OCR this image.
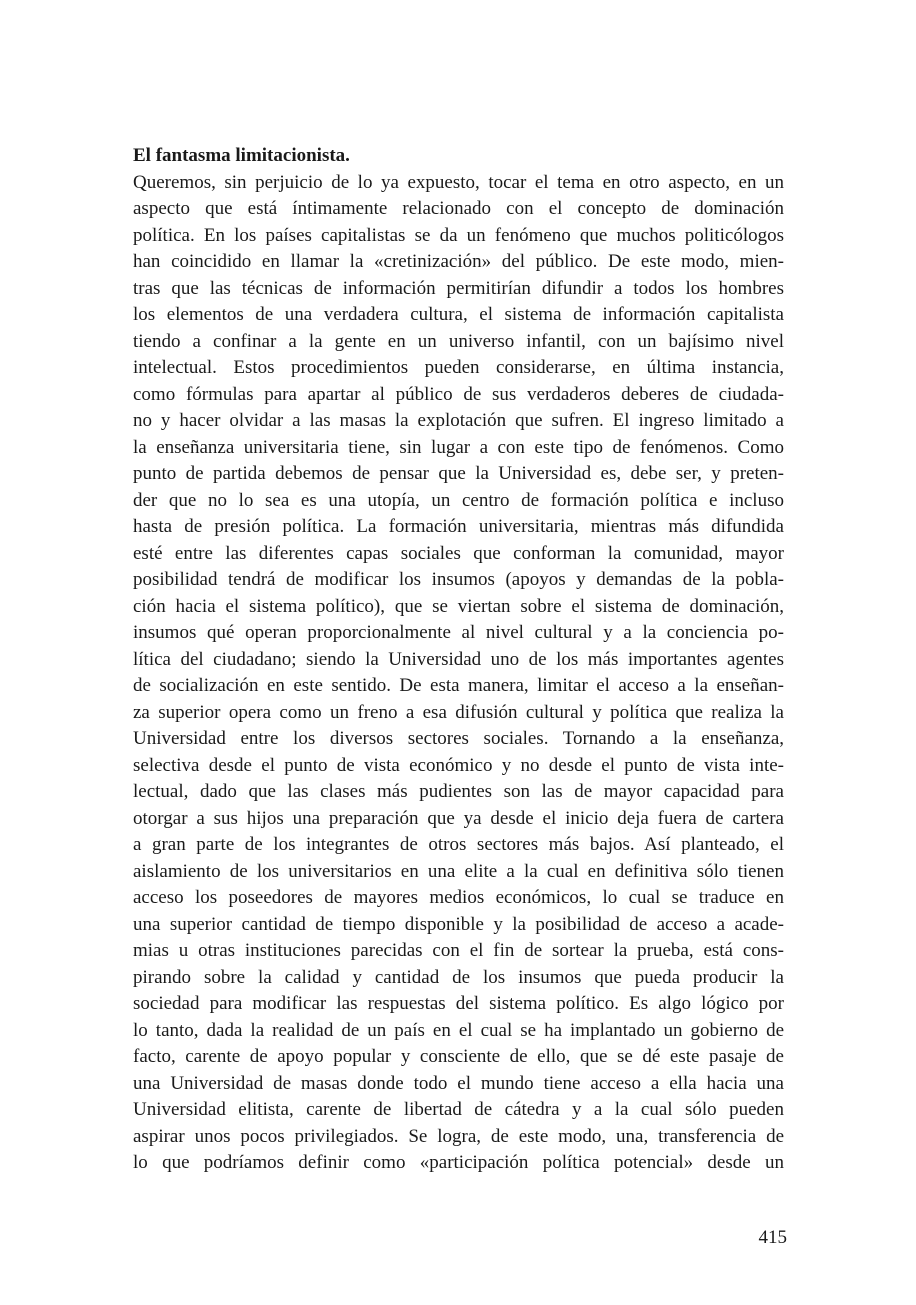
El fantasma limitacionista.
Queremos, sin perjuicio de lo ya expuesto, tocar el tema en otro aspecto, en un
aspecto que está íntimamente relacionado con el concepto de dominación
política. En los países capitalistas se da un fenómeno que muchos politicólogos
han coincidido en llamar la «cretinización» del público. De este modo, mien-
tras que las técnicas de información permitirían difundir a todos los hombres
los elementos de una verdadera cultura, el sistema de información capitalista
tiendo a confinar a la gente en un universo infantil, con un bajísimo nivel
intelectual. Estos procedimientos pueden considerarse, en última instancia,
como fórmulas para apartar al público de sus verdaderos deberes de ciudada-
no y hacer olvidar a las masas la explotación que sufren. El ingreso limitado a
la enseñanza universitaria tiene, sin lugar a con este tipo de fenómenos. Como
punto de partida debemos de pensar que la Universidad es, debe ser, y preten-
der que no lo sea es una utopía, un centro de formación política e incluso
hasta de presión política. La formación universitaria, mientras más difundida
esté entre las diferentes capas sociales que conforman la comunidad, mayor
posibilidad tendrá de modificar los insumos (apoyos y demandas de la pobla-
ción hacia el sistema político), que se viertan sobre el sistema de dominación,
insumos qué operan proporcionalmente al nivel cultural y a la conciencia po-
lítica del ciudadano; siendo la Universidad uno de los más importantes agentes
de socialización en este sentido. De esta manera, limitar el acceso a la enseñan-
za superior opera como un freno a esa difusión cultural y política que realiza la
Universidad entre los diversos sectores sociales. Tornando a la enseñanza,
selectiva desde el punto de vista económico y no desde el punto de vista inte-
lectual, dado que las clases más pudientes son las de mayor capacidad para
otorgar a sus hijos una preparación que ya desde el inicio deja fuera de cartera
a gran parte de los integrantes de otros sectores más bajos. Así planteado, el
aislamiento de los universitarios en una elite a la cual en definitiva sólo tienen
acceso los poseedores de mayores medios económicos, lo cual se traduce en
una superior cantidad de tiempo disponible y la posibilidad de acceso a acade-
mias u otras instituciones parecidas con el fin de sortear la prueba, está cons-
pirando sobre la calidad y cantidad de los insumos que pueda producir la
sociedad para modificar las respuestas del sistema político. Es algo lógico por
lo tanto, dada la realidad de un país en el cual se ha implantado un gobierno de
facto, carente de apoyo popular y consciente de ello, que se dé este pasaje de
una Universidad de masas donde todo el mundo tiene acceso a ella hacia una
Universidad elitista, carente de libertad de cátedra y a la cual sólo pueden
aspirar unos pocos privilegiados. Se logra, de este modo, una, transferencia de
lo que podríamos definir como «participación política potencial» desde un
415
